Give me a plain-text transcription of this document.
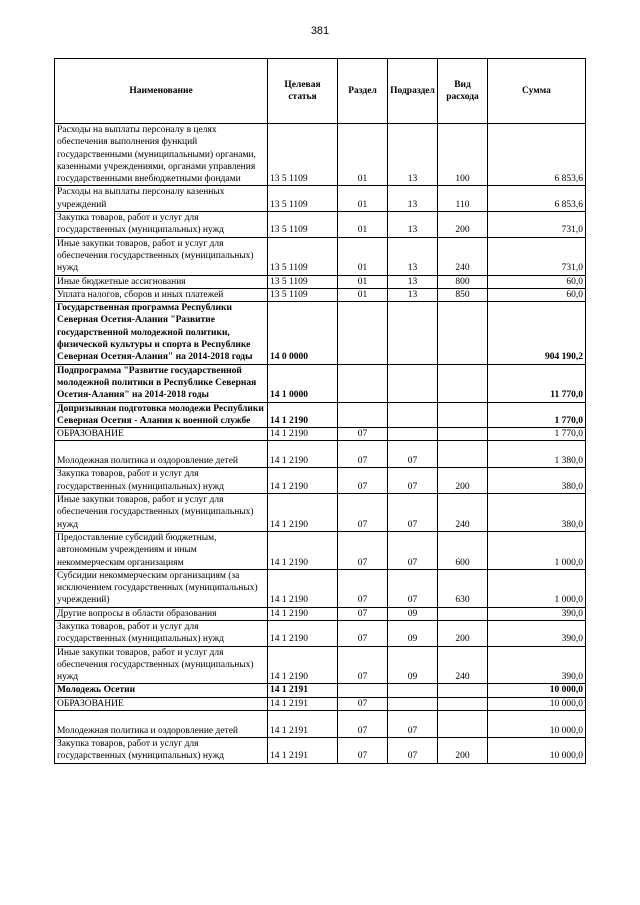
381
Наименование	Целевая статья	Раздел	Подраздел	Вид расхода	Сумма
Расходы на выплаты персоналу в целях обеспечения выполнения функций государственными (муниципальными) органами, казенными учреждениями, органами управления государственными внебюджетными фондами	13 5 1109	01	13	100	6 853,6
Расходы на выплаты персоналу казенных учреждений	13 5 1109	01	13	110	6 853,6
Закупка товаров, работ и услуг для государственных (муниципальных) нужд	13 5 1109	01	13	200	731,0
Иные закупки товаров, работ и услуг для обеспечения государственных (муниципальных) нужд	13 5 1109	01	13	240	731,0
Иные бюджетные ассигнования	13 5 1109	01	13	800	60,0
Уплата налогов, сборов и иных платежей	13 5 1109	01	13	850	60,0
Государственная программа Республики Северная Осетия-Алания "Развитие государственной молодежной политики, физической культуры и спорта в Республике Северная Осетия-Алания" на 2014-2018 годы	14 0 0000				904 190,2
Подпрограмма "Развитие государственной молодежной политики в Республике Северная Осетия-Алания" на 2014-2018 годы	14 1 0000				11 770,0
Допризывная подготовка молодежи Республики Северная Осетия - Алания к военной службе	14 1 2190				1 770,0
ОБРАЗОВАНИЕ	14 1 2190	07			1 770,0
Молодежная политика и оздоровление детей	14 1 2190	07	07		1 380,0
Закупка товаров, работ и услуг для государственных (муниципальных) нужд	14 1 2190	07	07	200	380,0
Иные закупки товаров, работ и услуг для обеспечения государственных (муниципальных) нужд	14 1 2190	07	07	240	380,0
Предоставление субсидий бюджетным, автономным учреждениям и иным некоммерческим организациям	14 1 2190	07	07	600	1 000,0
Субсидии некоммерческим организациям (за исключением государственных (муниципальных) учреждений)	14 1 2190	07	07	630	1 000,0
Другие вопросы в области образования	14 1 2190	07	09		390,0
Закупка товаров, работ и услуг для государственных (муниципальных) нужд	14 1 2190	07	09	200	390,0
Иные закупки товаров, работ и услуг для обеспечения государственных (муниципальных) нужд	14 1 2190	07	09	240	390,0
Молодежь Осетии	14 1 2191				10 000,0
ОБРАЗОВАНИЕ	14 1 2191	07			10 000,0
Молодежная политика и оздоровление детей	14 1 2191	07	07		10 000,0
Закупка товаров, работ и услуг для государственных (муниципальных) нужд	14 1 2191	07	07	200	10 000,0
